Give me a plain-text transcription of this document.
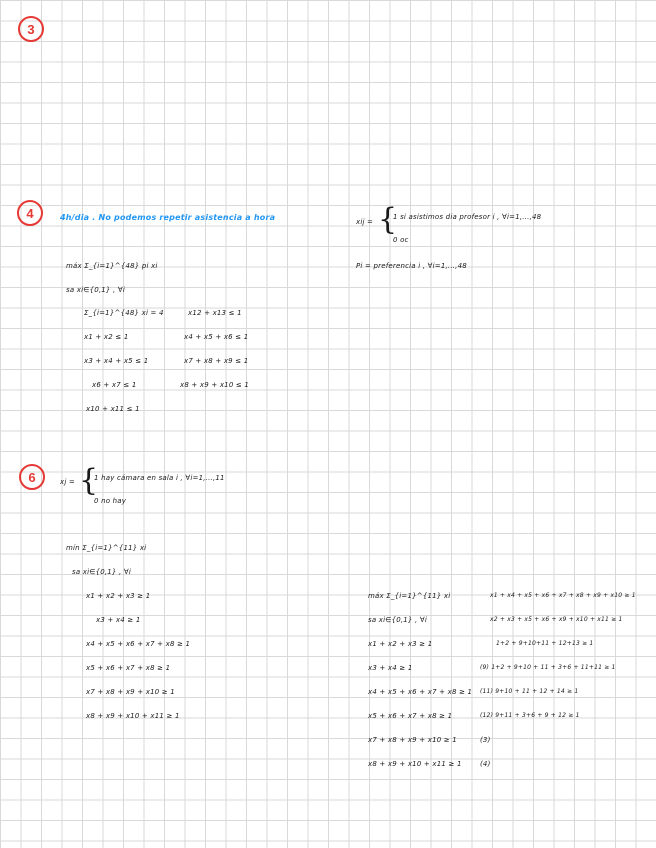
3
4	4h/dia . No podemos repetir asistencia a hora	xij = {
1 si asistimos dia profesor i , ∀i=1,...,48
0 oc
Pi = preferencia i , ∀i=1,...,48
máx Σ_{i=1}^{48} pi xi
sa xi∈{0,1} , ∀i
Σ_{i=1}^{48} xi = 4
x1 + x2 ≤ 1
x3 + x4 + x5 ≤ 1
x6 + x7 ≤ 1
x10 + x11 ≤ 1
x12 + x13 ≤ 1
x4 + x5 + x6 ≤ 1
x7 + x8 + x9 ≤ 1
x8 + x9 + x10 ≤ 1
6	xj = {
1 hay cámara en sala i , ∀i=1,...,11
0 no hay
mín Σ_{i=1}^{11} xi
sa xi∈{0,1} , ∀i
x1 + x2 + x3 ≥ 1
x3 + x4 ≥ 1
x4 + x5 + x6 + x7 + x8 ≥ 1
x5 + x6 + x7 + x8 ≥ 1
x7 + x8 + x9 + x10 ≥ 1
x8 + x9 + x10 + x11 ≥ 1
máx Σ_{i=1}^{11} xi
sa xi∈{0,1} , ∀i
x1 + x2 + x3 ≥ 1
x3 + x4 ≥ 1
x4 + x5 + x6 + x7 + x8 ≥ 1
x5 + x6 + x7 + x8 ≥ 1
x7 + x8 + x9 + x10 ≥ 1
x8 + x9 + x10 + x11 ≥ 1
x1 + x4 + x5 + x6 + x7 + x8 + x9 + x10 ≥ 1
x2 + x3 + x5 + x6 + x9 + x10 + x11 ≥ 1
1+2 + 9+10+11 + 12+13 ≥ 1
(9) 1+2 + 9+10 + 11 + 3+6 + 11+11 ≥ 1
(11) 9+10 + 11 + 12 + 14 ≥ 1
(12) 9+11 + 3+6 + 9 + 12 ≥ 1
(3)
(4)
